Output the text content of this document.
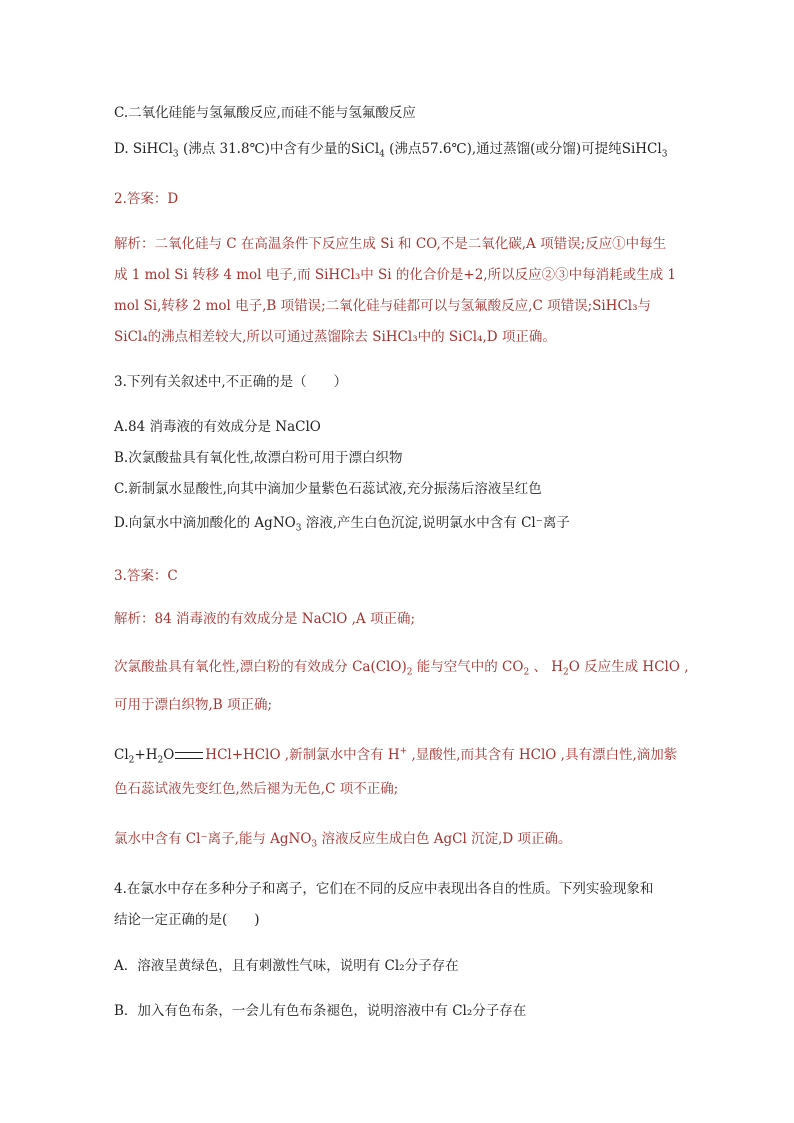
C.二氧化硅能与氢氟酸反应,而硅不能与氢氟酸反应
D. SiHCl$_3$ (沸点 31.8℃)中含有少量的SiCl$_4$ (沸点57.6℃),通过蒸馏(或分馏)可提纯SiHCl$_3$
2.答案：D
解析：二氧化硅与 C 在高温条件下反应生成 Si 和 CO,不是二氧化碳,A 项错误;反应①中每生
成 1 mol Si 转移 4 mol 电子,而 SiHCl₃中 Si 的化合价是+2,所以反应②③中每消耗或生成 1
mol Si,转移 2 mol 电子,B 项错误;二氧化硅与硅都可以与氢氟酸反应,C 项错误;SiHCl₃与
SiCl₄的沸点相差较大,所以可通过蒸馏除去 SiHCl₃中的 SiCl₄,D 项正确。
3.下列有关叙述中,不正确的是（　　）
A.84 消毒液的有效成分是 NaClO
B.次氯酸盐具有氧化性,故漂白粉可用于漂白织物
C.新制氯水显酸性,向其中滴加少量紫色石蕊试液,充分振荡后溶液呈红色
D.向氯水中滴加酸化的 AgNO$_3$ 溶液,产生白色沉淀,说明氯水中含有 Cl⁻离子
3.答案：C
解析：84 消毒液的有效成分是 NaClO ,A 项正确;
次氯酸盐具有氧化性,漂白粉的有效成分 $Ca(ClO)_2$ 能与空气中的 $CO_2$ 、 $H_2O$ 反应生成 HClO ,
可用于漂白织物,B 项正确;
$Cl_2+H_2O$ HCl+HClO ,新制氯水中含有 H+ ,显酸性,而其含有 HClO ,具有漂白性,滴加紫
色石蕊试液先变红色,然后褪为无色,C 项不正确;
氯水中含有 Cl⁻离子,能与 AgNO$_3$ 溶液反应生成白色 AgCl 沉淀,D 项正确。
4.在氯水中存在多种分子和离子，它们在不同的反应中表现出各自的性质。下列实验现象和
结论一定正确的是(　　)
A．溶液呈黄绿色，且有刺激性气味，说明有 Cl₂分子存在
B．加入有色布条，一会儿有色布条褪色，说明溶液中有 Cl₂分子存在
